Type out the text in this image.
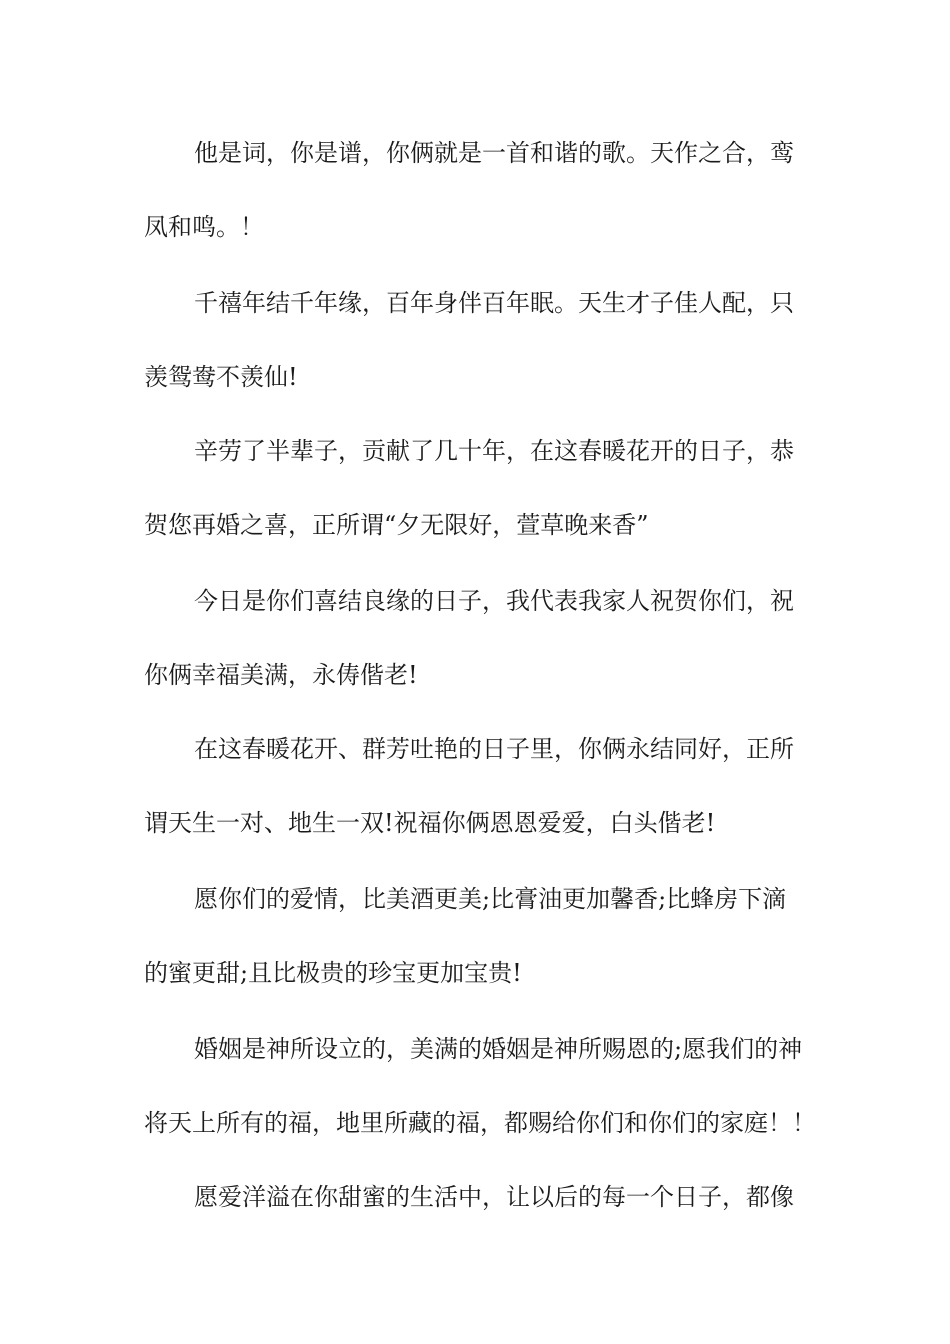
他是词，你是谱，你俩就是一首和谐的歌。天作之合，鸾
凤和鸣。！
千禧年结千年缘，百年身伴百年眠。天生才子佳人配，只
羡鸳鸯不羡仙!
辛劳了半辈子，贡献了几十年，在这春暖花开的日子，恭
贺您再婚之喜，正所谓“夕无限好，萱草晚来香”
今日是你们喜结良缘的日子，我代表我家人祝贺你们，祝
你俩幸福美满，永俦偕老!
在这春暖花开、群芳吐艳的日子里，你俩永结同好，正所
谓天生一对、地生一双!祝福你俩恩恩爱爱，白头偕老!
愿你们的爱情，比美酒更美;比膏油更加馨香;比蜂房下滴
的蜜更甜;且比极贵的珍宝更加宝贵!
婚姻是神所设立的，美满的婚姻是神所赐恩的;愿我们的神
将天上所有的福，地里所藏的福，都赐给你们和你们的家庭！！
愿爱洋溢在你甜蜜的生活中，让以后的每一个日子，都像
